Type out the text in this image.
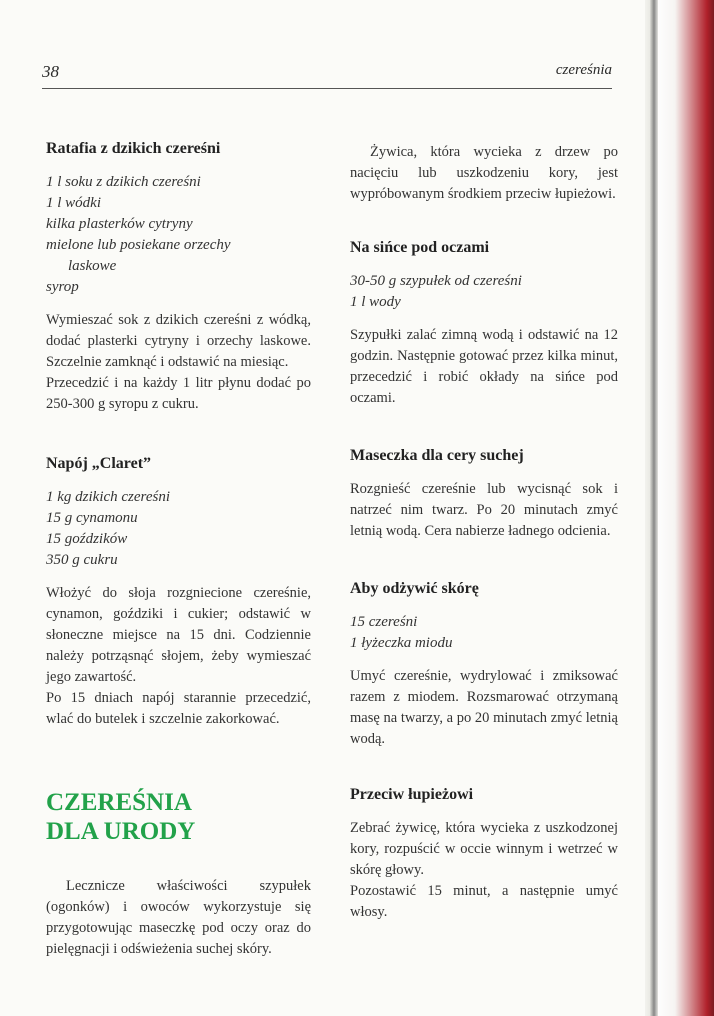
38	czereśnia
Ratafia z dzikich czereśni
1 l soku z dzikich czereśni
1 l wódki
kilka plasterków cytryny
mielone lub posiekane orzechy
laskowe
syrop

Wymieszać sok z dzikich czereśni z wódką, dodać plasterki cytryny i orzechy laskowe. Szczelnie zamknąć i odstawić na miesiąc.

Przecedzić i na każdy 1 litr płynu dodać po 250-300 g syropu z cukru.

Napój „Claret”
1 kg dzikich czereśni
15 g cynamonu
15 goździków
350 g cukru

Włożyć do słoja rozgniecione czereśnie, cynamon, goździki i cukier; odstawić w słoneczne miejsce na 15 dni. Codziennie należy potrząsnąć słojem, żeby wymieszać jego zawartość.

Po 15 dniach napój starannie przecedzić, wlać do butelek i szczelnie zakorkować.

CZEREŚNIA
DLA URODY

Lecznicze właściwości szypułek (ogonków) i owoców wykorzystuje się przygotowując maseczkę pod oczy oraz do pielęgnacji i odświeżenia suchej skóry.

Żywica, która wycieka z drzew po nacięciu lub uszkodzeniu kory, jest wypróbowanym środkiem przeciw łupieżowi.

Na sińce pod oczami
30-50 g szypułek od czereśni
1 l wody

Szypułki zalać zimną wodą i odstawić na 12 godzin. Następnie gotować przez kilka minut, przecedzić i robić okłady na sińce pod oczami.

Maseczka dla cery suchej

Rozgnieść czereśnie lub wycisnąć sok i natrzeć nim twarz. Po 20 minutach zmyć letnią wodą. Cera nabierze ładnego odcienia.

Aby odżywić skórę
15 czereśni
1 łyżeczka miodu

Umyć czereśnie, wydrylować i zmiksować razem z miodem. Rozsmarować otrzymaną masę na twarzy, a po 20 minutach zmyć letnią wodą.

Przeciw łupieżowi

Zebrać żywicę, która wycieka z uszkodzonej kory, rozpuścić w occie winnym i wetrzeć w skórę głowy.

Pozostawić 15 minut, a następnie umyć włosy.
